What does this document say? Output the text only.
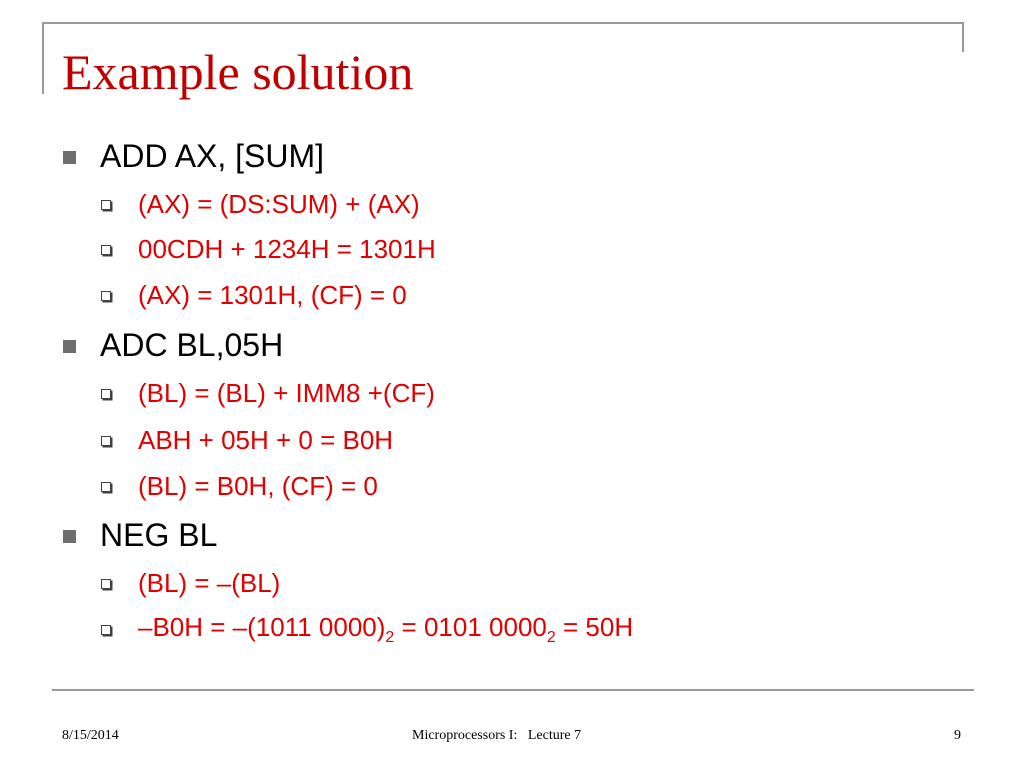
Example solution
ADD AX, [SUM]
(AX) = (DS:SUM) + (AX)
00CDH + 1234H = 1301H
(AX) = 1301H, (CF) = 0
ADC BL,05H
(BL) = (BL) + IMM8 +(CF)
ABH + 05H + 0 = B0H
(BL) = B0H, (CF) = 0
NEG BL
(BL) = –(BL)
–B0H = –(1011 $0000)_2 = 0101$ $0000_2 = 50H$
8/15/2014	Microprocessors I:   Lecture 7	9
